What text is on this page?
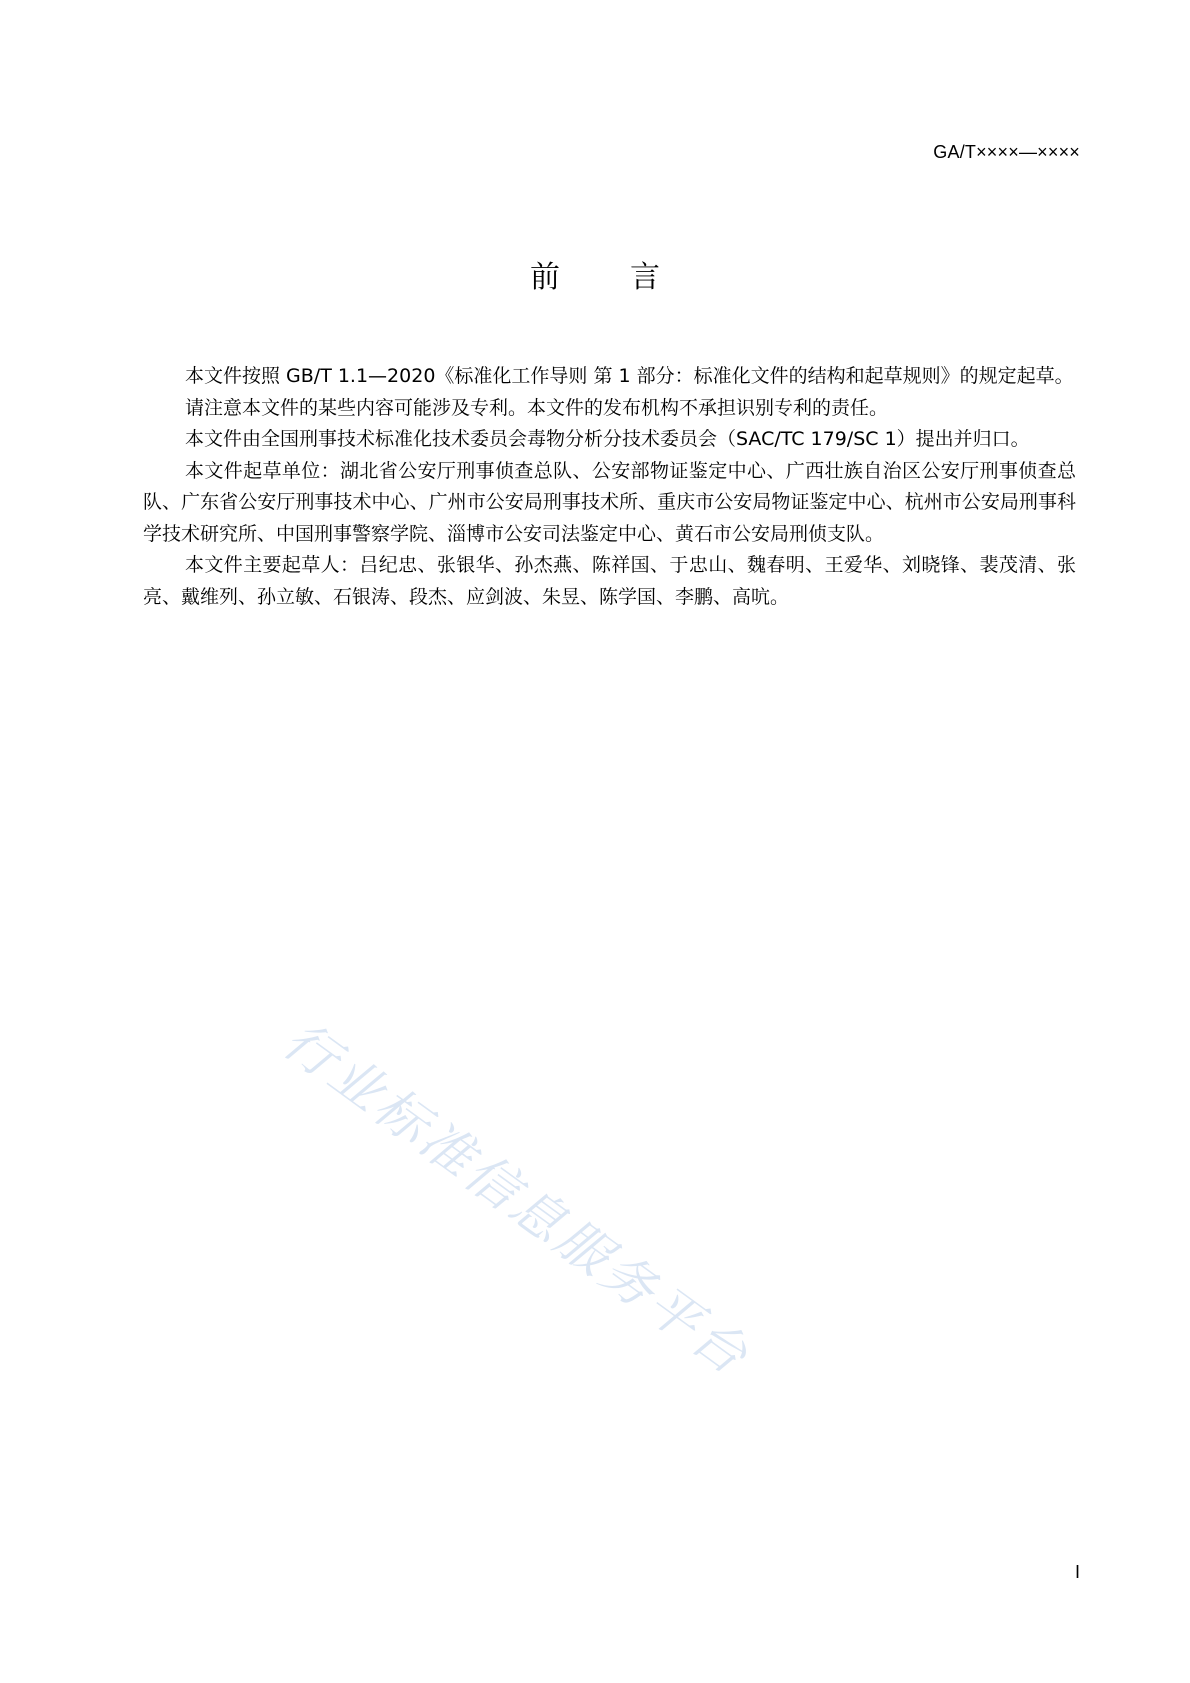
GA/T××××—××××
前 言

本文件按照 GB/T 1.1—2020《标准化工作导则 第 1 部分：标准化文件的结构和起草规则》的规定起草。

请注意本文件的某些内容可能涉及专利。本文件的发布机构不承担识别专利的责任。

本文件由全国刑事技术标准化技术委员会毒物分析分技术委员会（SAC/TC 179/SC 1）提出并归口。

本文件起草单位：湖北省公安厅刑事侦查总队、公安部物证鉴定中心、广西壮族自治区公安厅刑事侦查总队、广东省公安厅刑事技术中心、广州市公安局刑事技术所、重庆市公安局物证鉴定中心、杭州市公安局刑事科学技术研究所、中国刑事警察学院、淄博市公安司法鉴定中心、黄石市公安局刑侦支队。

本文件主要起草人：吕纪忠、张银华、孙杰燕、陈祥国、于忠山、魏春明、王爱华、刘晓锋、裴茂清、张亮、戴维列、孙立敏、石银涛、段杰、应剑波、朱昱、陈学国、李鹏、高吭。

行业标准信息服务平台
I
